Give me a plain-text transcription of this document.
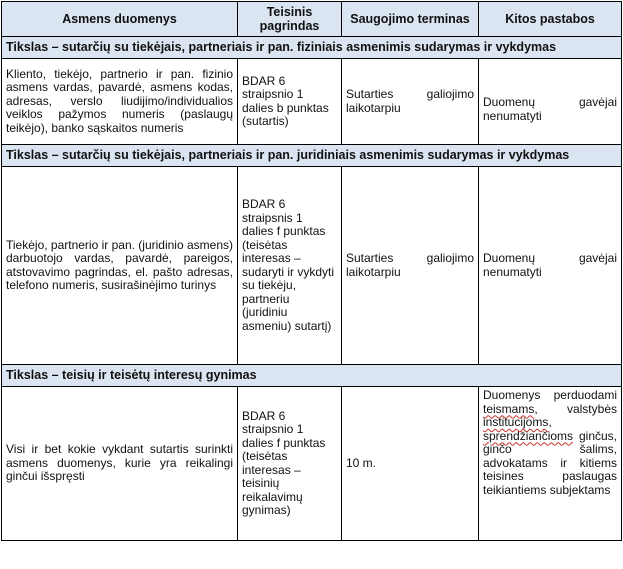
Asmens duomenys	Teisinis pagrindas	Saugojimo terminas	Kitos pastabos
Tikslas – sutarčių su tiekėjais, partneriais ir pan. fiziniais asmenimis sudarymas ir vykdymas			
Kliento, tiekėjo, partnerio ir pan. fizinio asmens vardas, pavardė, asmens kodas, adresas, verslo liudijimo/individualios veiklos pažymos numeris (paslaugų teikėjo), banko sąskaitos numeris	BDAR 6 straipsnio 1 dalies b punktas (sutartis)	Sutarties galiojimo laikotarpiu	Duomenų gavėjai nenumatyti
Tikslas – sutarčių su tiekėjais, partneriais ir pan. juridiniais asmenimis sudarymas ir vykdymas			
Tiekėjo, partnerio ir pan. (juridinio asmens) darbuotojo vardas, pavardė, pareigos, atstovavimo pagrindas, el. pašto adresas, telefono numeris, susirašinėjimo turinys	BDAR 6 straipsnis 1 dalies f punktas (teisėtas interesas – sudaryti ir vykdyti su tiekėju, partneriu (juridiniu asmeniu) sutartį)	Sutarties galiojimo laikotarpiu	Duomenų gavėjai nenumatyti
Tikslas – teisių ir teisėtų interesų gynimas			
Visi ir bet kokie vykdant sutartis surinkti asmens duomenys, kurie yra reikalingi ginčui išspręsti	BDAR 6 straipsnio 1 dalies f punktas (teisėtas interesas – teisinių reikalavimų gynimas)	10 m.	Duomenys perduodami teismams, valstybės institucijoms, sprendžiančioms ginčus, ginčo šalims, advokatams ir kitiems teisines paslaugas teikiantiems subjektams
